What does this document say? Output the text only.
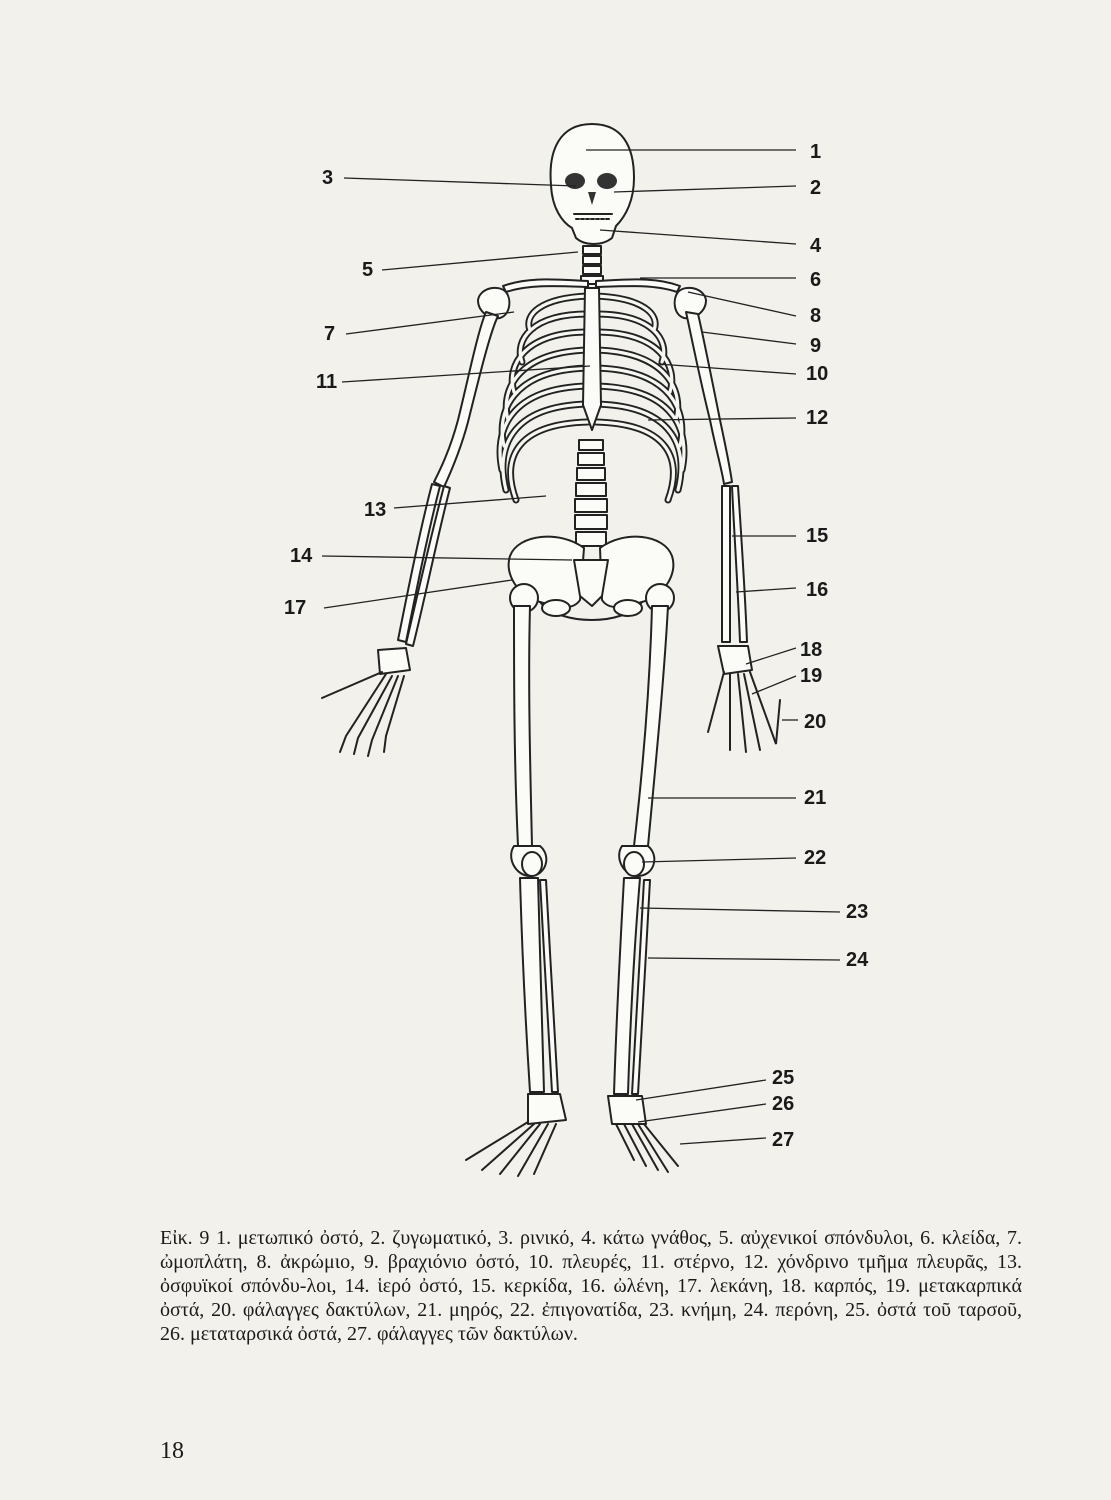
1
2
3
4
5	6
8
7
9
10
11
12
13
15
14
16
17
18
19
20
21
22
23
24
25
26
27
Εἰκ. 9 1. μετωπικό ὀστό, 2. ζυγωματικό, 3. ρινικό, 4. κάτω γνάθος, 5. αὐχενικοί σπόνδυλοι, 6. κλείδα, 7. ὠμοπλάτη, 8. ἀκρώμιο, 9. βραχιόνιο ὀστό, 10. πλευρές, 11. στέρνο, 12. χόνδρινο τμῆμα πλευρᾶς, 13. ὀσφυϊκοί σπόνδυ-λοι, 14. ἱερό ὀστό, 15. κερκίδα, 16. ὠλένη, 17. λεκάνη, 18. καρπός, 19. μετακαρπικά ὀστά, 20. φάλαγγες δακτύλων, 21. μηρός, 22. ἐπιγονατίδα, 23. κνήμη, 24. περόνη, 25. ὀστά τοῦ ταρσοῦ, 26. μεταταρσικά ὀστά, 27. φάλαγγες τῶν δακτύλων.
18
